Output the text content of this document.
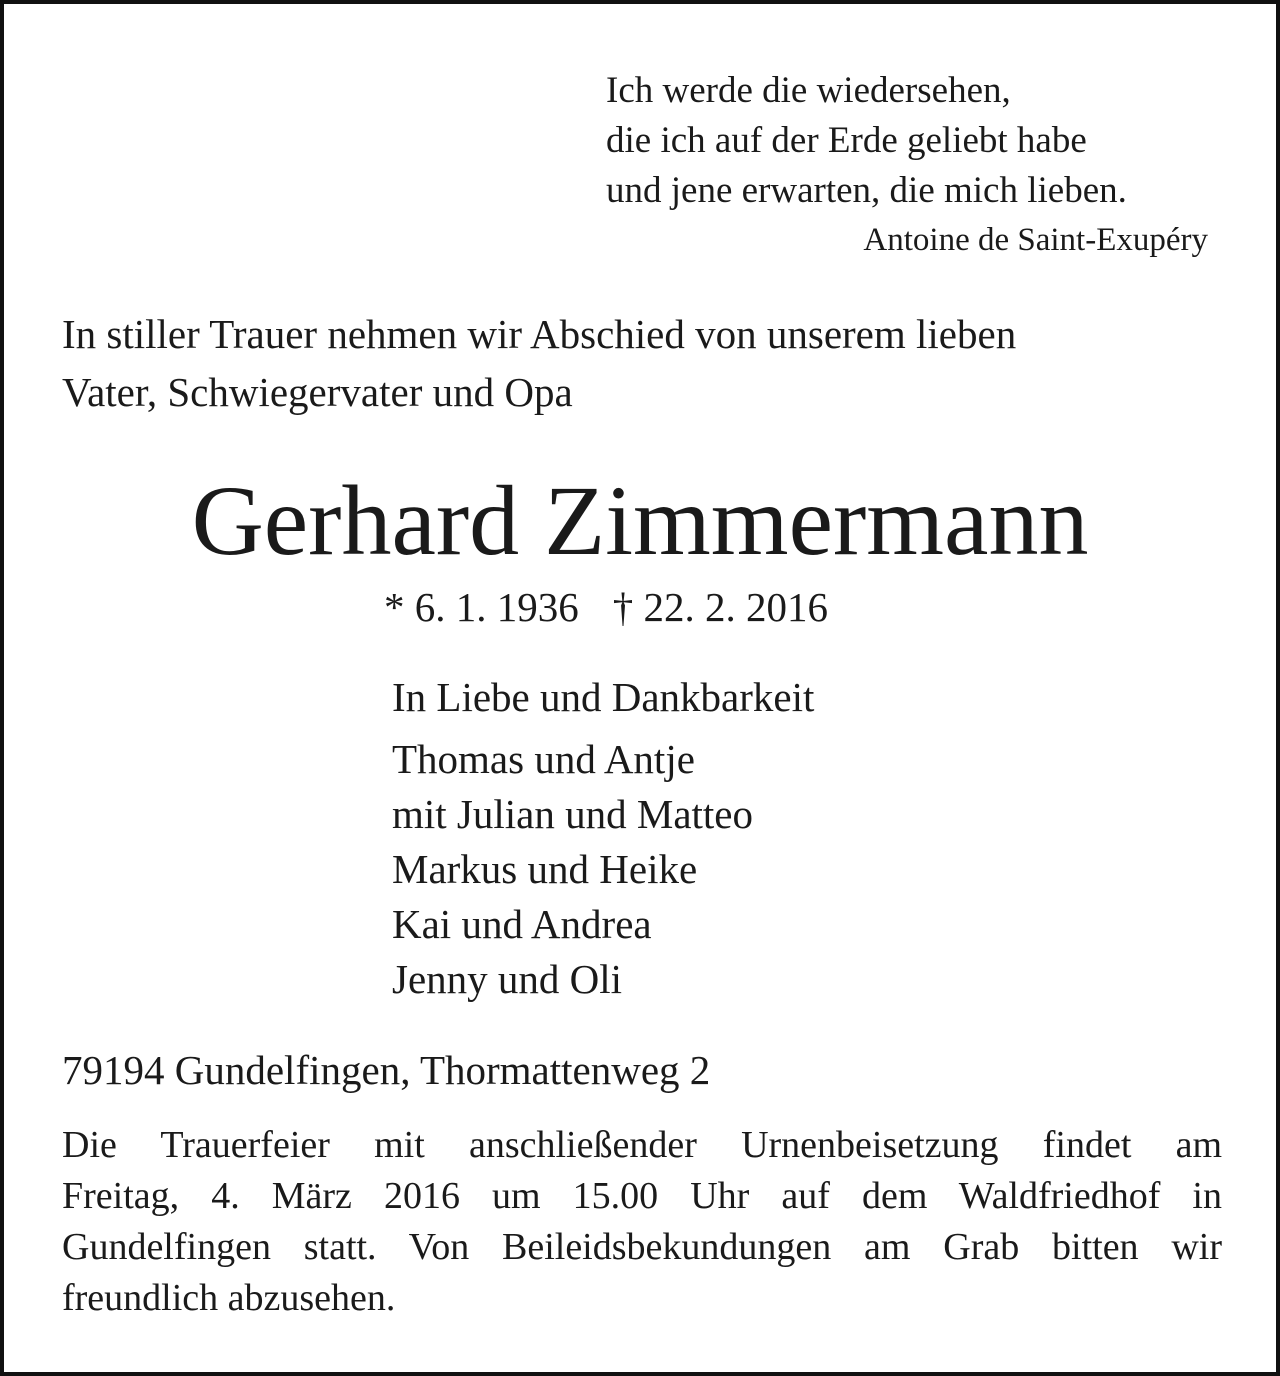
Ich werde die wiedersehen,
die ich auf der Erde geliebt habe
und jene erwarten, die mich lieben.
Antoine de Saint-Exupéry
In stiller Trauer nehmen wir Abschied von unserem lieben
Vater, Schwiegervater und Opa
Gerhard Zimmermann
* 6. 1. 1936 † 22. 2. 2016
In Liebe und Dankbarkeit
Thomas und Antje
mit Julian und Matteo
Markus und Heike
Kai und Andrea
Jenny und Oli
79194 Gundelfingen, Thormattenweg 2
Die Trauerfeier mit anschließender Urnenbeisetzung findet am
Freitag, 4. März 2016 um 15.00 Uhr auf dem Waldfriedhof in
Gundelfingen statt. Von Beileidsbekundungen am Grab bitten wir
freundlich abzusehen.
